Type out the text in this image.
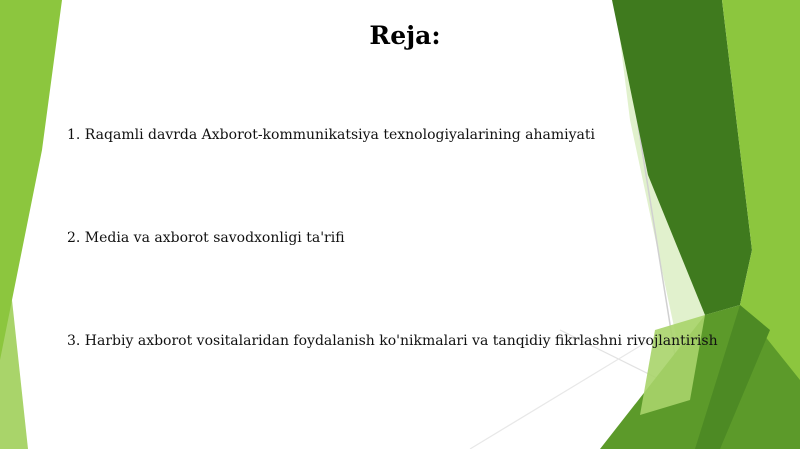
Reja:
1. Raqamli davrda Axborot-kommunikatsiya texnologiyalarining ahamiyati
2. Media va axborot savodxonligi ta'rifi
3. Harbiy axborot vositalaridan foydalanish ko'nikmalari va tanqidiy fikrlashni rivojlantirish
